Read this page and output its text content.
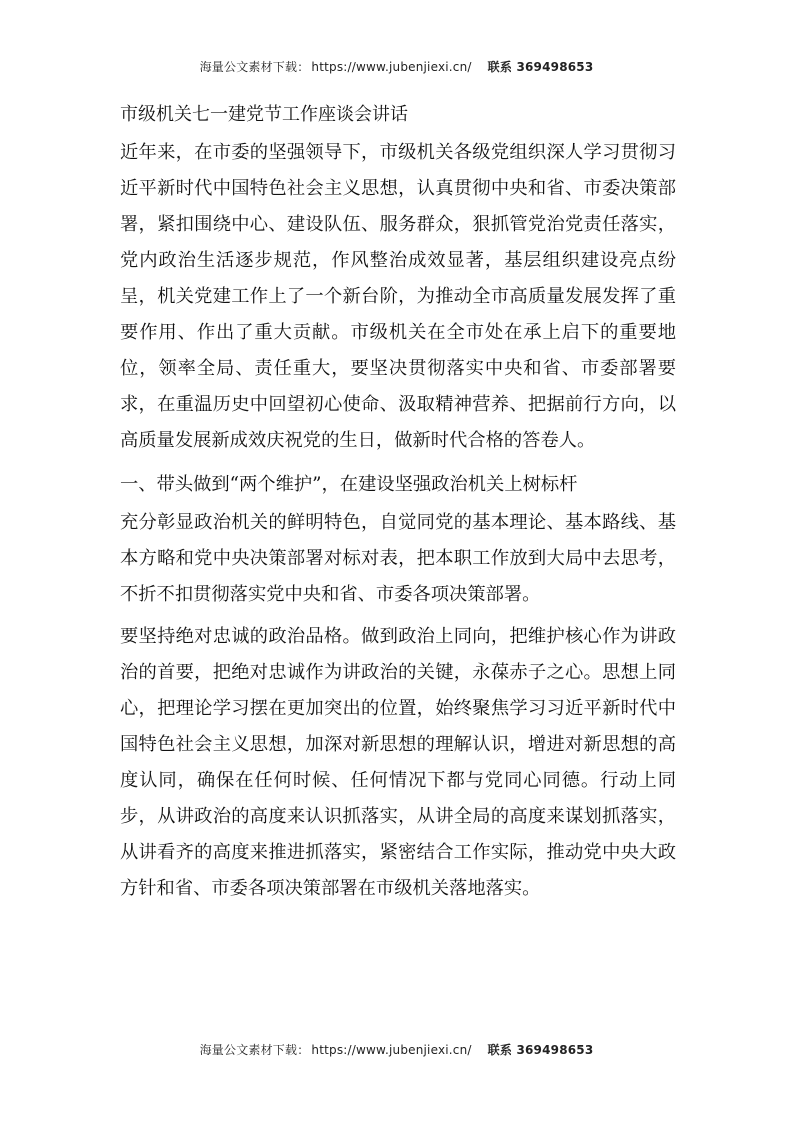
海量公文素材下载： https://www.jubenjiexi.cn/ 联系 369498653
市级机关七一建党节工作座谈会讲话

近年来，在市委的坚强领导下，市级机关各级党组织深人学习贯彻习近平新时代中国特色社会主义思想，认真贯彻中央和省、市委决策部署，紧扣围绕中心、建设队伍、服务群众，狠抓管党治党责任落实，党内政治生活逐步规范，作风整治成效显著，基层组织建设亮点纷呈，机关党建工作上了一个新台阶，为推动全市高质量发展发挥了重要作用、作出了重大贡献。市级机关在全市处在承上启下的重要地位，领率全局、责任重大，要坚决贯彻落实中央和省、市委部署要求，在重温历史中回望初心使命、汲取精神营养、把据前行方向，以高质量发展新成效庆祝党的生日，做新时代合格的答卷人。

一、带头做到“两个维护”，在建设坚强政治机关上树标杆

充分彰显政治机关的鲜明特色，自觉同党的基本理论、基本路线、基本方略和党中央决策部署对标对表，把本职工作放到大局中去思考，不折不扣贯彻落实党中央和省、市委各项决策部署。

要坚持绝对忠诚的政治品格。做到政治上同向，把维护核心作为讲政治的首要，把绝对忠诚作为讲政治的关键，永葆赤子之心。思想上同心，把理论学习摆在更加突出的位置，始终聚焦学习习近平新时代中国特色社会主义思想，加深对新思想的理解认识，增进对新思想的高度认同，确保在任何时候、任何情况下都与党同心同德。行动上同步，从讲政治的高度来认识抓落实，从讲全局的高度来谋划抓落实，从讲看齐的高度来推进抓落实，紧密结合工作实际，推动党中央大政方针和省、市委各项决策部署在市级机关落地落实。

海量公文素材下载： https://www.jubenjiexi.cn/ 联系 369498653
